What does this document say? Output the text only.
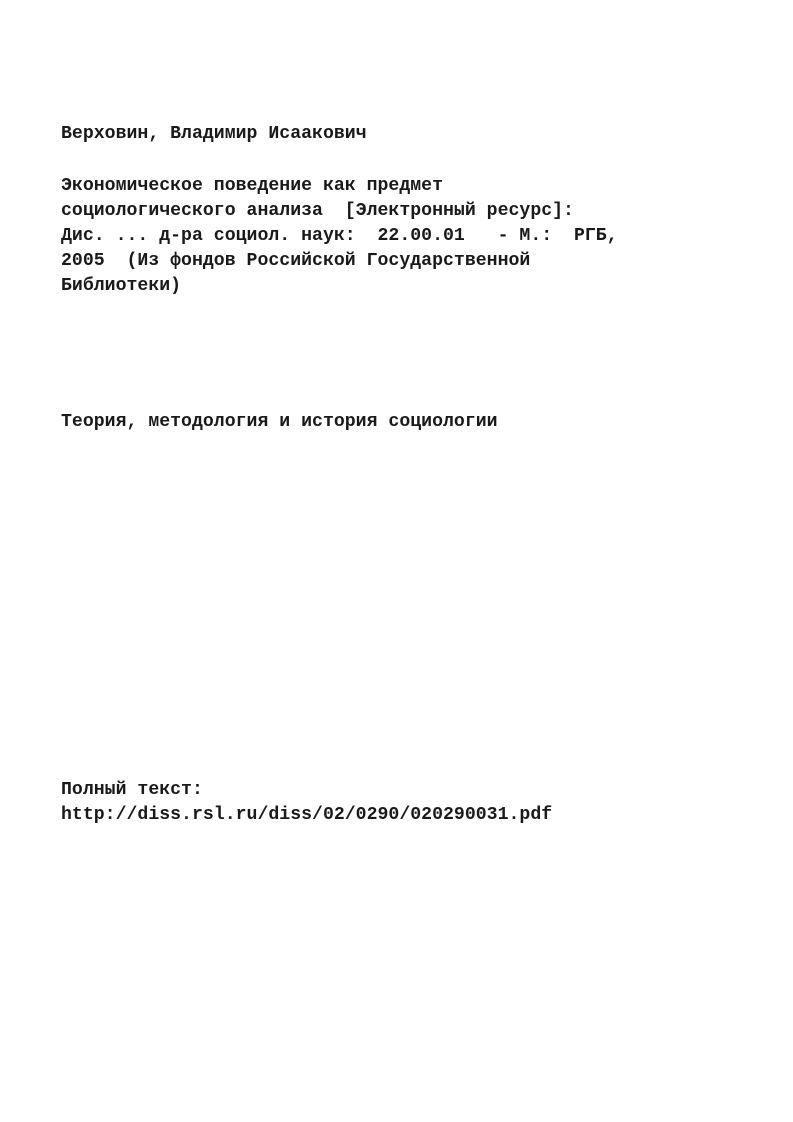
Верховин, Владимир Исаакович

Экономическое поведение как предмет
социологического анализа  [Электронный ресурс]:
Дис. ... д-ра социол. наук:  22.00.01   - М.:  РГБ,
2005  (Из фондов Российской Государственной
Библиотеки)

Теория, методология и история социологии

Полный текст:

http://diss.rsl.ru/diss/02/0290/020290031.pdf
